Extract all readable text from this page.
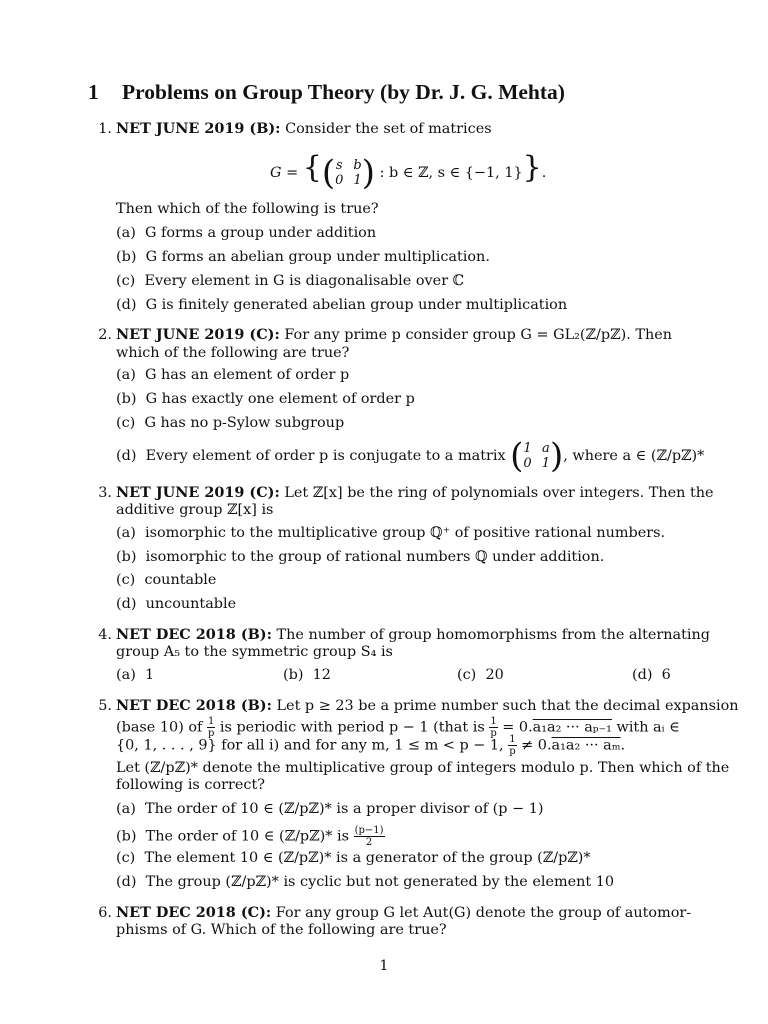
1 Problems on Group Theory (by Dr. J. G. Mehta)
1. NET JUNE 2019 (B): Consider the set of matrices
G = { ( s b
0 1 ) : b ∈ ℤ, s ∈ {−1, 1}}.
Then which of the following is true?
(a) G forms a group under addition
(b) G forms an abelian group under multiplication.
(c) Every element in G is diagonalisable over ℂ
(d) G is finitely generated abelian group under multiplication
2. NET JUNE 2019 (C): For any prime p consider group G = GL₂(ℤ/pℤ). Then
which of the following are true?
(a) G has an element of order p
(b) G has exactly one element of order p
(c) G has no p-Sylow subgroup
(d) Every element of order p is conjugate to a matrix ( 1 a
0 1 ) , where a ∈ (ℤ/pℤ)*
3. NET JUNE 2019 (C): Let ℤ[x] be the ring of polynomials over integers. Then the
additive group ℤ[x] is
(a) isomorphic to the multiplicative group ℚ⁺ of positive rational numbers.
(b) isomorphic to the group of rational numbers ℚ under addition.
(c) countable
(d) uncountable
4. NET DEC 2018 (B): The number of group homomorphisms from the alternating
group A₅ to the symmetric group S₄ is
(a) 1	(b) 12	(c) 20	(d) 6
5. NET DEC 2018 (B): Let p ≥ 23 be a prime number such that the decimal expansion
(base 10) of $\frac{1}{p}$ is periodic with period p − 1 (that is $\frac{1}{p} = 0.a_1a_2$ ··· aₚ₋₁ with aᵢ ∈
{0, 1, . . . , 9} for all i) and for any m, 1 ≤ m < p − 1, $\frac{1}{p} \ne 0.a_1a_2$ ··· aₘ.
Let (ℤ/pℤ)* denote the multiplicative group of integers modulo p. Then which of the
following is correct?
(a) The order of 10 ∈ (ℤ/pℤ)* is a proper divisor of (p − 1)
(b) The order of 10 ∈ (ℤ/pℤ)* is $\frac{(p-1)}{2}$
(c) The element 10 ∈ (ℤ/pℤ)* is a generator of the group (ℤ/pℤ)*
(d) The group (ℤ/pℤ)* is cyclic but not generated by the element 10
6. NET DEC 2018 (C): For any group G let Aut(G) denote the group of automor-
phisms of G. Which of the following are true?
1
